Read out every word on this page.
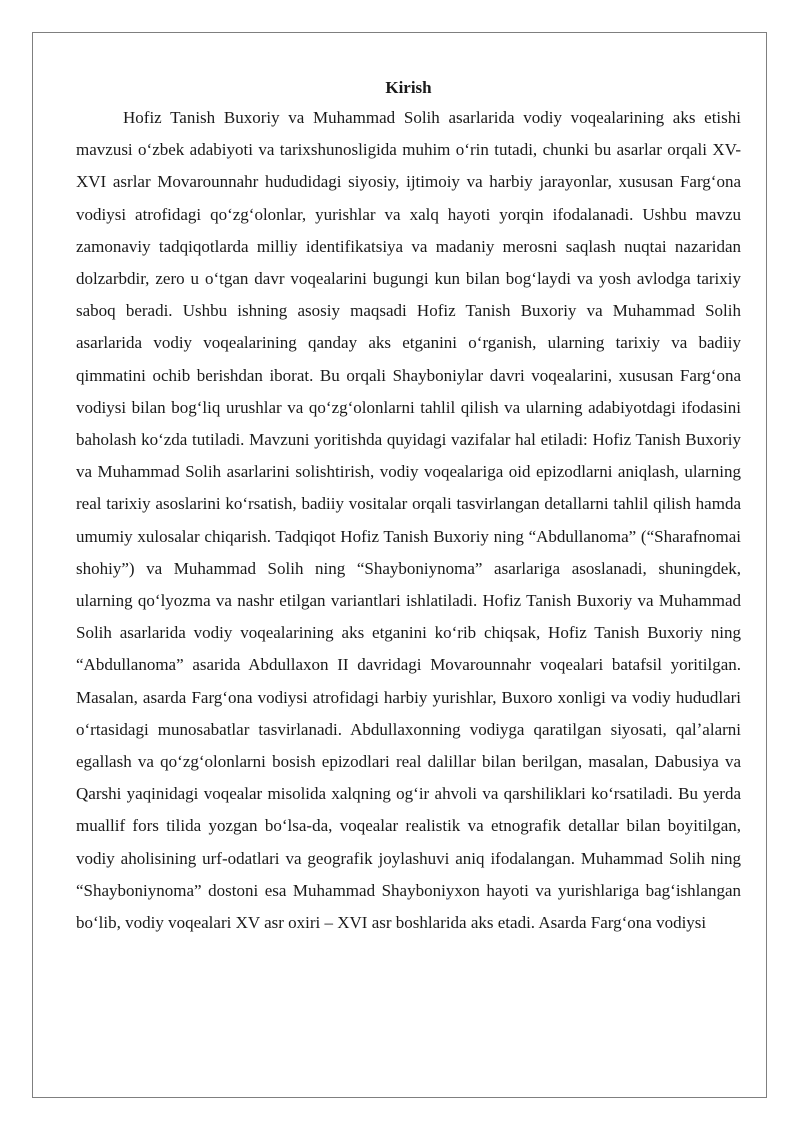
Kirish

Hofiz Tanish Buxoriy va Muhammad Solih asarlarida vodiy voqealarining aks etishi mavzusi oʻzbek adabiyoti va tarixshunosligida muhim oʻrin tutadi, chunki bu asarlar orqali XV-XVI asrlar Movarounnahr hududidagi siyosiy, ijtimoiy va harbiy jarayonlar, xususan Fargʻona vodiysi atrofidagi qoʻzgʻolonlar, yurishlar va xalq hayoti yorqin ifodalanadi. Ushbu mavzu zamonaviy tadqiqotlarda milliy identifikatsiya va madaniy merosni saqlash nuqtai nazaridan dolzarbdir, zero u oʻtgan davr voqealarini bugungi kun bilan bogʻlaydi va yosh avlodga tarixiy saboq beradi. Ushbu ishning asosiy maqsadi Hofiz Tanish Buxoriy va Muhammad Solih asarlarida vodiy voqealarining qanday aks etganini oʻrganish, ularning tarixiy va badiiy qimmatini ochib berishdan iborat. Bu orqali Shayboniylar davri voqealarini, xususan Fargʻona vodiysi bilan bogʻliq urushlar va qoʻzgʻolonlarni tahlil qilish va ularning adabiyotdagi ifodasini baholash koʻzda tutiladi. Mavzuni yoritishda quyidagi vazifalar hal etiladi: Hofiz Tanish Buxoriy va Muhammad Solih asarlarini solishtirish, vodiy voqealariga oid epizodlarni aniqlash, ularning real tarixiy asoslarini koʻrsatish, badiiy vositalar orqali tasvirlangan detallarni tahlil qilish hamda umumiy xulosalar chiqarish. Tadqiqot Hofiz Tanish Buxoriy ning “Abdullanoma” (“Sharafnomai shohiy”) va Muhammad Solih ning “Shayboniynoma” asarlariga asoslanadi, shuningdek, ularning qoʻlyozma va nashr etilgan variantlari ishlatiladi. Hofiz Tanish Buxoriy va Muhammad Solih asarlarida vodiy voqealarining aks etganini koʻrib chiqsak, Hofiz Tanish Buxoriy ning “Abdullanoma” asarida Abdullaxon II davridagi Movarounnahr voqealari batafsil yoritilgan. Masalan, asarda Fargʻona vodiysi atrofidagi harbiy yurishlar, Buxoro xonligi va vodiy hududlari oʻrtasidagi munosabatlar tasvirlanadi. Abdullaxonning vodiyga qaratilgan siyosati, qalʼalarni egallash va qoʻzgʻolonlarni bosish epizodlari real dalillar bilan berilgan, masalan, Dabusiya va Qarshi yaqinidagi voqealar misolida xalqning ogʻir ahvoli va qarshiliklari koʻrsatiladi. Bu yerda muallif fors tilida yozgan boʻlsa-da, voqealar realistik va etnografik detallar bilan boyitilgan, vodiy aholisining urf-odatlari va geografik joylashuvi aniq ifodalangan. Muhammad Solih ning “Shayboniynoma” dostoni esa Muhammad Shayboniyxon hayoti va yurishlariga bagʻishlangan boʻlib, vodiy voqealari XV asr oxiri – XVI asr boshlarida aks etadi. Asarda Fargʻona vodiysi
